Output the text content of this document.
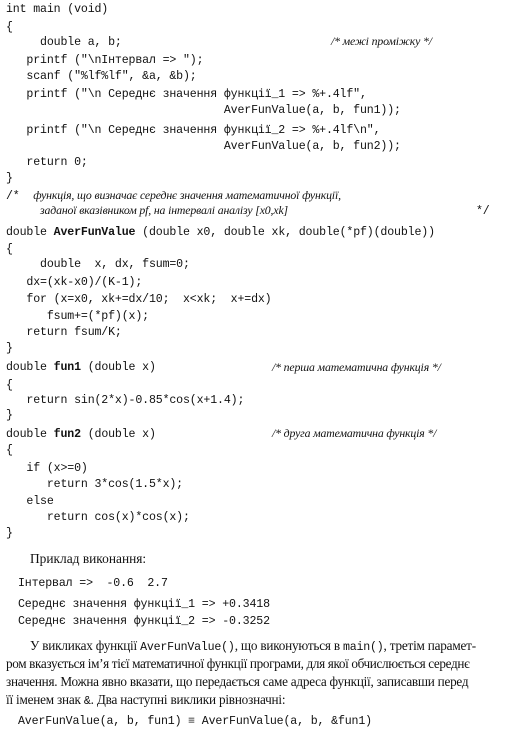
int main (void)
{
double a, b;	/* межі проміжку */
printf ("\nІнтервал => ");
scanf ("%lf%lf", &a, &b);
printf ("\n Середнє значення функції_1 => %+.4lf",
AverFunValue(a, b, fun1));
printf ("\n Середнє значення функції_2 => %+.4lf\n",
AverFunValue(a, b, fun2));
return 0;
}
/*  функція, що визначає середнє значення математичної функції,
заданої вказівником pf, на інтервалі аналізу [x0,xk]	*/
double AverFunValue (double x0, double xk, double(*pf)(double))
{
double  x, dx, fsum=0;
dx=(xk-x0)/(K-1);
for (x=x0, xk+=dx/10;  x<xk;  x+=dx)
fsum+=(*pf)(x);
return fsum/K;
}
double fun1 (double x)	/* перша математична функція */
{
return sin(2*x)-0.85*cos(x+1.4);
}
double fun2 (double x)	/* друга математична функція */
{
if (x>=0)
return 3*cos(1.5*x);
else
return cos(x)*cos(x);
}
Приклад виконання:
Інтервал =>  -0.6  2.7
Середнє значення функції_1 => +0.3418
Середнє значення функції_2 => -0.3252
У викликах функції AverFunValue(), що виконуються в main(), третім парамет-
ром вказується ім’я тієї математичної функції програми, для якої обчислюється середнє
значення. Можна явно вказати, що передається саме адреса функції, записавши перед
її іменем знак &. Два наступні виклики рівнозначні:
AverFunValue(a, b, fun1) ≡ AverFunValue(a, b, &fun1)
